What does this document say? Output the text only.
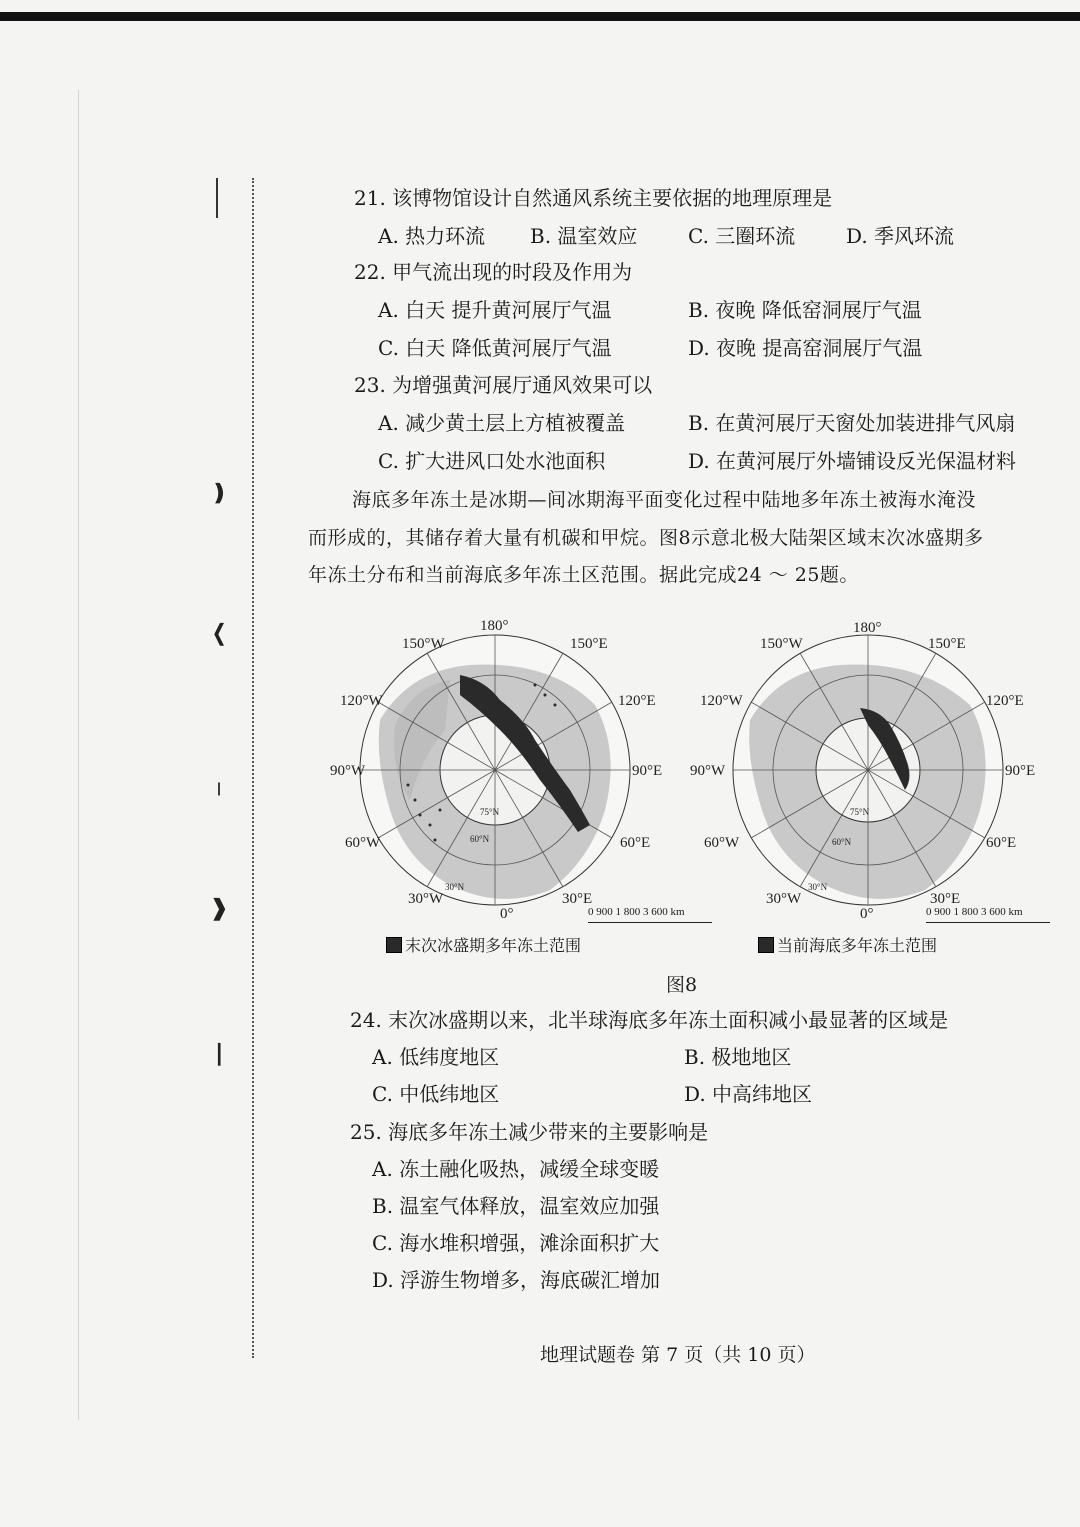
❫
❬
╷
❱
❘
21. 该博物馆设计自然通风系统主要依据的地理原理是
A. 热力环流 B. 温室效应	C. 三圈环流	D. 季风环流
22. 甲气流出现的时段及作用为
A. 白天 提升黄河展厅气温	B. 夜晚 降低窑洞展厅气温
C. 白天 降低黄河展厅气温	D. 夜晚 提高窑洞展厅气温
23. 为增强黄河展厅通风效果可以
A. 减少黄土层上方植被覆盖	B. 在黄河展厅天窗处加装进排气风扇
C. 扩大进风口处水池面积	D. 在黄河展厅外墙铺设反光保温材料
海底多年冻土是冰期—间冰期海平面变化过程中陆地多年冻土被海水淹没
而形成的，其储存着大量有机碳和甲烷。图8示意北极大陆架区域末次冰盛期多
年冻土分布和当前海底多年冻土区范围。据此完成24 ～ 25题。
180°
150°W	150°E
120°W	120°E
90°W	90°E
60°W	60°E
30°W	30°E
0°
75°N
60°N
30°N
180°
150°W	150°E
120°W	120°E
90°W	90°E
60°W	60°E
30°W	30°E
0°
75°N
60°N
30°N
0 900 1 800 3 600 km	0 900 1 800 3 600 km
末次冰盛期多年冻土范围	当前海底多年冻土范围
图8
24. 末次冰盛期以来，北半球海底多年冻土面积减小最显著的区域是
A. 低纬度地区	B. 极地地区
C. 中低纬地区	D. 中高纬地区
25. 海底多年冻土减少带来的主要影响是
A. 冻土融化吸热，减缓全球变暖
B. 温室气体释放，温室效应加强
C. 海水堆积增强，滩涂面积扩大
D. 浮游生物增多，海底碳汇增加
地理试题卷 第 7 页（共 10 页）
